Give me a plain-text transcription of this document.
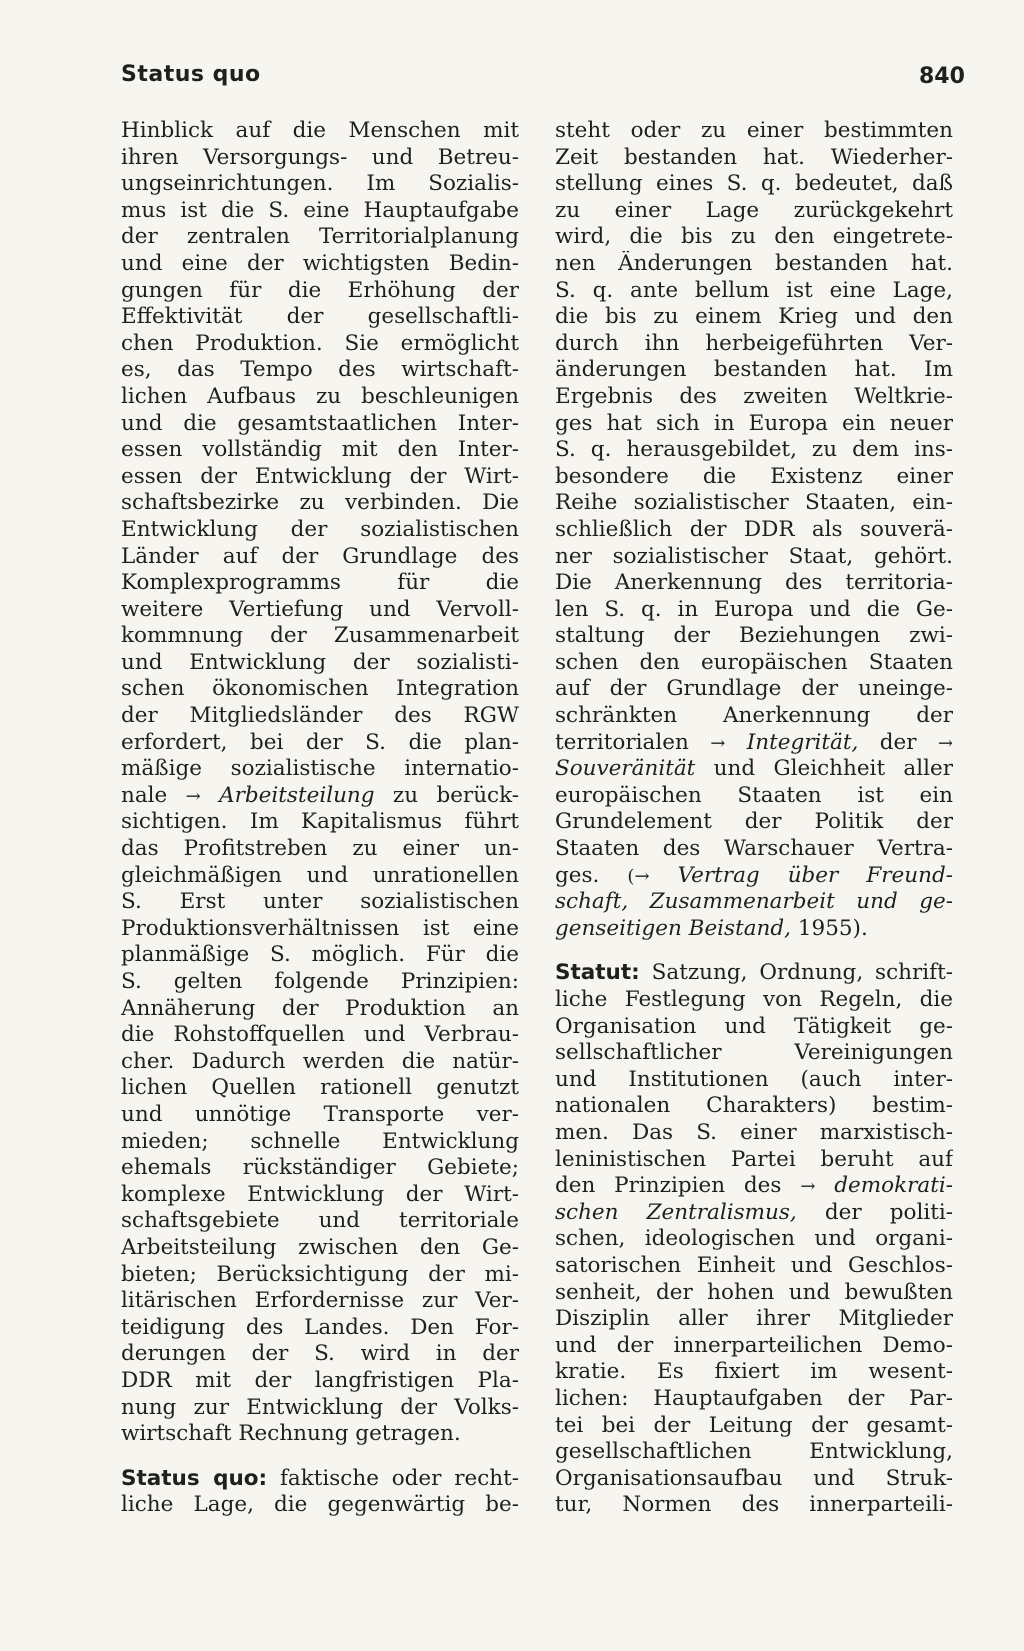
Status quo	840
Hinblick auf die Menschen mit
ihren Versorgungs- und Betreu-
ungseinrichtungen. Im Sozialis-
mus ist die S. eine Hauptaufgabe
der zentralen Territorialplanung
und eine der wichtigsten Bedin-
gungen für die Erhöhung der
Effektivität der gesellschaftli-
chen Produktion. Sie ermöglicht
es, das Tempo des wirtschaft-
lichen Aufbaus zu beschleunigen
und die gesamtstaatlichen Inter-
essen vollständig mit den Inter-
essen der Entwicklung der Wirt-
schaftsbezirke zu verbinden. Die
Entwicklung der sozialistischen
Länder auf der Grundlage des
Komplexprogramms für die
weitere Vertiefung und Vervoll-
kommnung der Zusammenarbeit
und Entwicklung der sozialisti-
schen ökonomischen Integration
der Mitgliedsländer des RGW
erfordert, bei der S. die plan-
mäßige sozialistische internatio-
nale → Arbeitsteilung zu berück-
sichtigen. Im Kapitalismus führt
das Profitstreben zu einer un-
gleichmäßigen und unrationellen
S. Erst unter sozialistischen
Produktionsverhältnissen ist eine
planmäßige S. möglich. Für die
S. gelten folgende Prinzipien:
Annäherung der Produktion an
die Rohstoffquellen und Verbrau-
cher. Dadurch werden die natür-
lichen Quellen rationell genutzt
und unnötige Transporte ver-
mieden; schnelle Entwicklung
ehemals rückständiger Gebiete;
komplexe Entwicklung der Wirt-
schaftsgebiete und territoriale
Arbeitsteilung zwischen den Ge-
bieten; Berücksichtigung der mi-
litärischen Erfordernisse zur Ver-
teidigung des Landes. Den For-
derungen der S. wird in der
DDR mit der langfristigen Pla-
nung zur Entwicklung der Volks-
wirtschaft Rechnung getragen.
Status quo: faktische oder recht-
liche Lage, die gegenwärtig be-
steht oder zu einer bestimmten
Zeit bestanden hat. Wiederher-
stellung eines S. q. bedeutet, daß
zu einer Lage zurückgekehrt
wird, die bis zu den eingetrete-
nen Änderungen bestanden hat.
S. q. ante bellum ist eine Lage,
die bis zu einem Krieg und den
durch ihn herbeigeführten Ver-
änderungen bestanden hat. Im
Ergebnis des zweiten Weltkrie-
ges hat sich in Europa ein neuer
S. q. herausgebildet, zu dem ins-
besondere die Existenz einer
Reihe sozialistischer Staaten, ein-
schließlich der DDR als souverä-
ner sozialistischer Staat, gehört.
Die Anerkennung des territoria-
len S. q. in Europa und die Ge-
staltung der Beziehungen zwi-
schen den europäischen Staaten
auf der Grundlage der uneinge-
schränkten Anerkennung der
territorialen → Integrität, der →
Souveränität und Gleichheit aller
europäischen Staaten ist ein
Grundelement der Politik der
Staaten des Warschauer Vertra-
ges. (→ Vertrag über Freund-
schaft, Zusammenarbeit und ge-
genseitigen Beistand, 1955).
Statut: Satzung, Ordnung, schrift-
liche Festlegung von Regeln, die
Organisation und Tätigkeit ge-
sellschaftlicher Vereinigungen
und Institutionen (auch inter-
nationalen Charakters) bestim-
men. Das S. einer marxistisch-
leninistischen Partei beruht auf
den Prinzipien des → demokrati-
schen Zentralismus, der politi-
schen, ideologischen und organi-
satorischen Einheit und Geschlos-
senheit, der hohen und bewußten
Disziplin aller ihrer Mitglieder
und der innerparteilichen Demo-
kratie. Es fixiert im wesent-
lichen: Hauptaufgaben der Par-
tei bei der Leitung der gesamt-
gesellschaftlichen Entwicklung,
Organisationsaufbau und Struk-
tur, Normen des innerparteili-
